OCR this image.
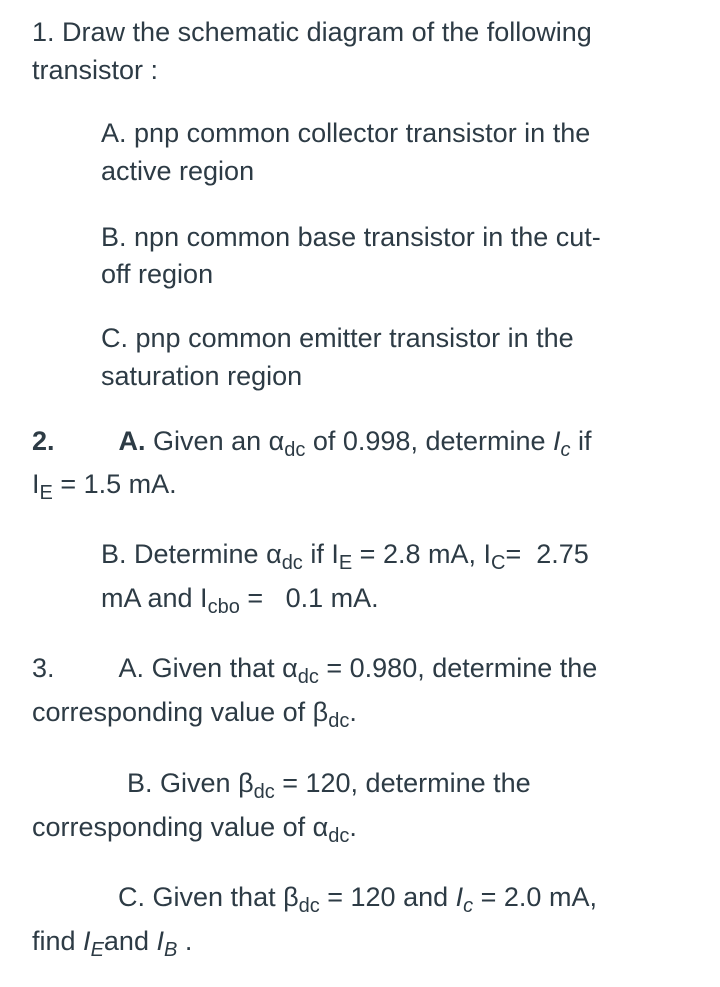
1. Draw the schematic diagram of the following
transistor :
A. pnp common collector transistor in the
active region
B. npn common base transistor in the cut-
off region
C. pnp common emitter transistor in the
saturation region
2. A. Given an $\alpha_{dc}$ of 0.998, determine $I_c$ if
$I_E = 1.5$ mA.
B. Determine $\alpha_{dc}$ if $I_E = 2.8$ mA, $I_C= 2.75$
mA and $I_{cbo} = 0.1$ mA.
3. A. Given that $\alpha_{dc} = 0.980$, determine the
corresponding value of $\beta_{dc}$.
B. Given $\beta_{dc} = 120$, determine the
corresponding value of $\alpha_{dc}$.
C. Given that $\beta_{dc} = 120$ and $I_c = 2.0$ mA,
find $I_Eand$ $I_B$ .
